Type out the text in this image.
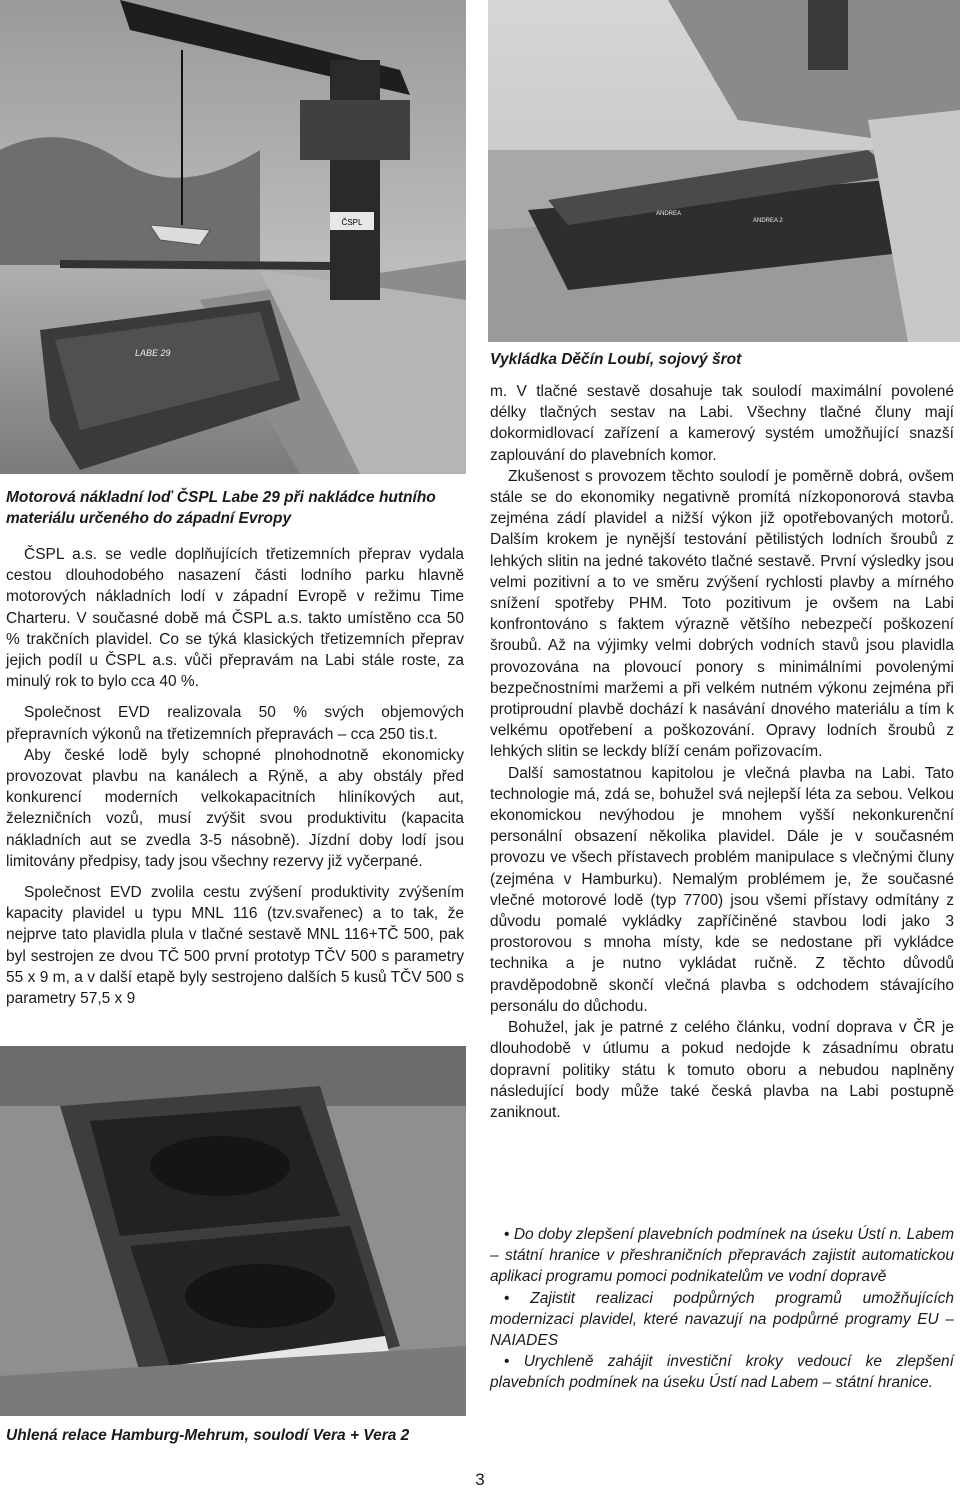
ČSPL
LABE 29
ANDREA
ANDREA 2

Vykládka Děčín Loubí, sojový šrot

Motorová nákladní loď ČSPL Labe 29 při nakládce hutního materiálu určeného do západní Evropy

ČSPL a.s. se vedle doplňujících třetizemních přeprav vydala cestou dlouhodobého nasazení části lodního parku hlavně motorových nákladních lodí v západní Evropě v režimu Time Charteru. V současné době má ČSPL a.s. takto umístěno cca 50 % trakčních plavidel. Co se týká klasických třetizemních přeprav jejich podíl u ČSPL a.s. vůči přepravám na Labi stále roste, za minulý rok to bylo cca 40 %.

Společnost EVD realizovala 50 % svých objemových přepravních výkonů na třetizemních přepravách – cca 250 tis.t.

Aby české lodě byly schopné plnohodnotně ekonomicky provozovat plavbu na kanálech a Rýně, a aby obstály před konkurencí moderních velkokapacitních hliníkových aut, železničních vozů, musí zvýšit svou produktivitu (kapacita nákladních aut se zvedla 3-5 násobně). Jízdní doby lodí jsou limitovány předpisy, tady jsou všechny rezervy již vyčerpané.

Společnost EVD zvolila cestu zvýšení produktivity zvýšením kapacity plavidel u typu MNL 116 (tzv.svařenec) a to tak, že nejprve tato plavidla plula v tlačné sestavě MNL 116+TČ 500, pak byl sestrojen ze dvou TČ 500 první prototyp TČV 500 s parametry 55 x 9 m, a v další etapě byly sestrojeno dalších 5 kusů TČV 500 s parametry 57,5 x 9

m. V tlačné sestavě dosahuje tak soulodí maximální povolené délky tlačných sestav na Labi. Všechny tlačné čluny mají dokormidlovací zařízení a kamerový systém umožňující snazší zaplouvání do plavebních komor.

Zkušenost s provozem těchto soulodí je poměrně dobrá, ovšem stále se do ekonomiky negativně promítá nízkoponorová stavba zejména zádí plavidel a nižší výkon již opotřebovaných motorů. Dalším krokem je nynější testování pětilistých lodních šroubů z lehkých slitin na jedné takovéto tlačné sestavě. První výsledky jsou velmi pozitivní a to ve směru zvýšení rychlosti plavby a mírného snížení spotřeby PHM. Toto pozitivum je ovšem na Labi konfrontováno s faktem výrazně většího nebezpečí poškození šroubů. Až na výjimky velmi dobrých vodních stavů jsou plavidla provozována na plovoucí ponory s minimálními povolenými bezpečnostními maržemi a při velkém nutném výkonu zejména při protiproudní plavbě dochází k nasávání dnového materiálu a tím k velkému opotřebení a poškozování. Opravy lodních šroubů z lehkých slitin se leckdy blíží cenám pořizovacím.

Další samostatnou kapitolou je vlečná plavba na Labi. Tato technologie má, zdá se, bohužel svá nejlepší léta za sebou. Velkou ekonomickou nevýhodou je mnohem vyšší nekonkurenční personální obsazení několika plavidel. Dále je v současném provozu ve všech přístavech problém manipulace s vlečnými čluny (zejména v Hamburku). Nemalým problémem je, že současné vlečné motorové lodě (typ 7700) jsou všemi přístavy odmítány z důvodu pomalé vykládky zapříčiněné stavbou lodi jako 3 prostorovou s mnoha místy, kde se nedostane při vykládce technika a je nutno vykládat ručně. Z těchto důvodů pravděpodobně skončí vlečná plavba s odchodem stávajícího personálu do důchodu.

Bohužel, jak je patrné z celého článku, vodní doprava v ČR je dlouhodobě v útlumu a pokud nedojde k zásadnímu obratu dopravní politiky státu k tomuto oboru a nebudou naplněny následující body může také česká plavba na Labi postupně zaniknout.

Uhlená relace Hamburg-Mehrum, soulodí Vera + Vera 2

• Do doby zlepšení plavebních podmínek na úseku Ústí n. Labem – státní hranice v přeshraničních přepravách zajistit automatickou aplikaci programu pomoci podnikatelům ve vodní dopravě
• Zajistit realizaci podpůrných programů umožňujících modernizaci plavidel, které navazují na podpůrné programy EU – NAIADES
• Urychleně zahájit investiční kroky vedoucí ke zlepšení plavebních podmínek na úseku Ústí nad Labem – státní hranice.
3
